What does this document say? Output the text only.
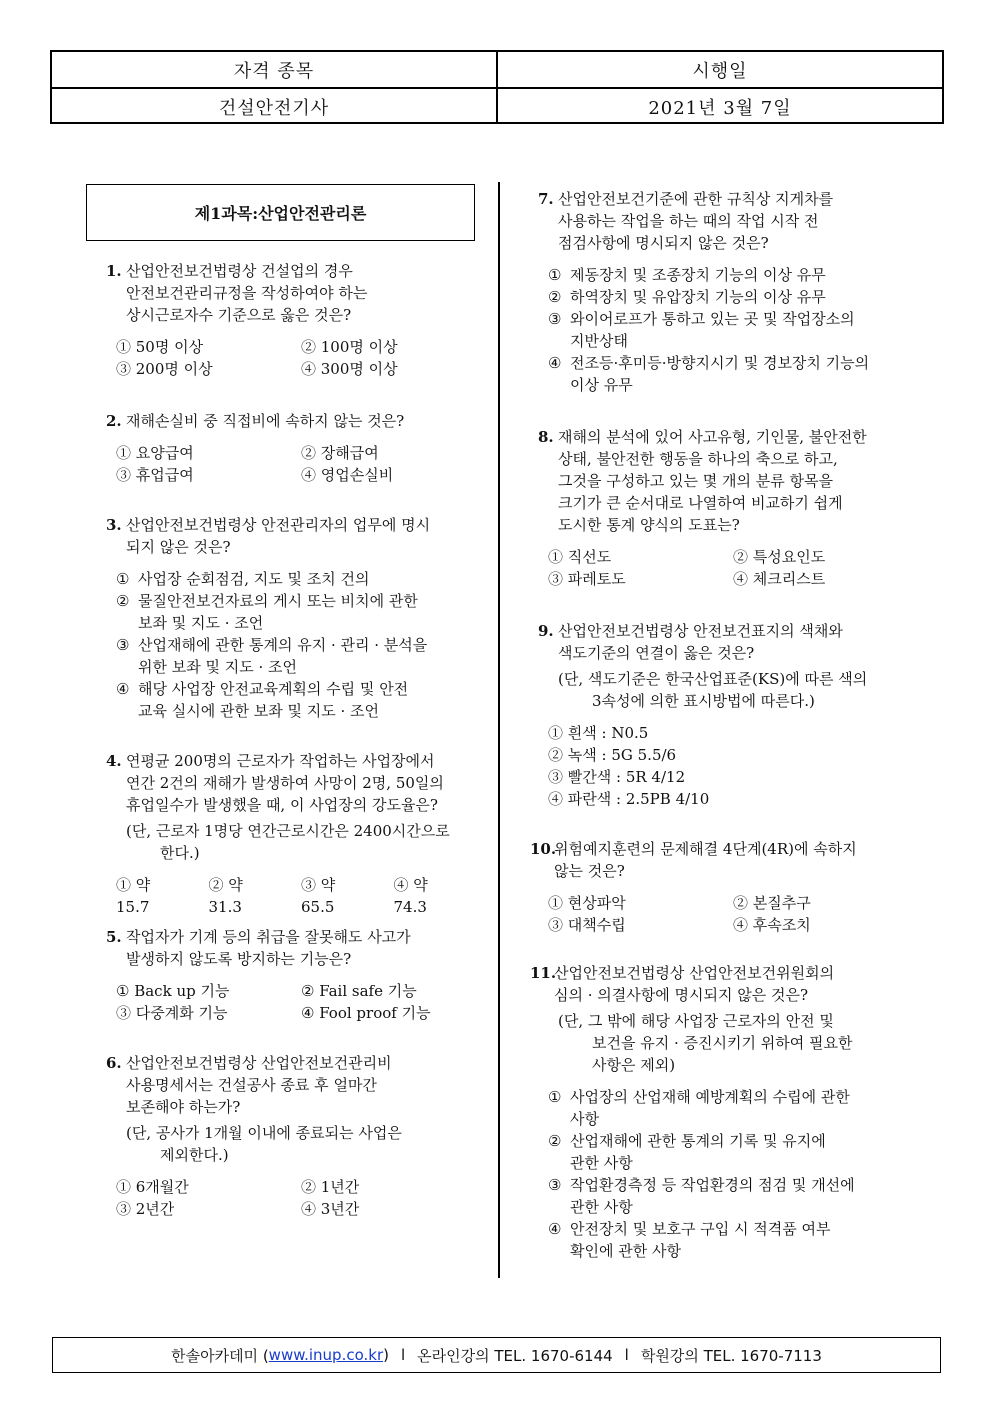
자격 종목	시행일
건설안전기사	2021년 3월 7일
제1과목:산업안전관리론
1. 산업안전보건법령상 건설업의 경우
안전보건관리규정을 작성하여야 하는
상시근로자수 기준으로 옳은 것은?
① 50명 이상	② 100명 이상
③ 200명 이상	④ 300명 이상
2. 재해손실비 중 직접비에 속하지 않는 것은?
① 요양급여	② 장해급여
③ 휴업급여	④ 영업손실비
3. 산업안전보건법령상 안전관리자의 업무에 명시
되지 않은 것은?
① 사업장 순회점검, 지도 및 조치 건의
② 물질안전보건자료의 게시 또는 비치에 관한
보좌 및 지도 · 조언
③ 산업재해에 관한 통계의 유지 · 관리 · 분석을
위한 보좌 및 지도 · 조언
④ 해당 사업장 안전교육계획의 수립 및 안전
교육 실시에 관한 보좌 및 지도 · 조언
4. 연평균 200명의 근로자가 작업하는 사업장에서
연간 2건의 재해가 발생하여 사망이 2명, 50일의
휴업일수가 발생했을 때, 이 사업장의 강도율은?
(단, 근로자 1명당 연간근로시간은 2400시간으로
한다.)
① 약 15.7
② 약 31.3
③ 약 65.5
④ 약 74.3
5. 작업자가 기계 등의 취급을 잘못해도 사고가
발생하지 않도록 방지하는 기능은?
① Back up 기능	② Fail safe 기능
③ 다중계화 기능	④ Fool proof 기능
6. 산업안전보건법령상 산업안전보건관리비
사용명세서는 건설공사 종료 후 얼마간
보존해야 하는가?
(단, 공사가 1개월 이내에 종료되는 사업은
제외한다.)
① 6개월간	② 1년간
③ 2년간	④ 3년간
7. 산업안전보건기준에 관한 규칙상 지게차를
사용하는 작업을 하는 때의 작업 시작 전
점검사항에 명시되지 않은 것은?
① 제동장치 및 조종장치 기능의 이상 유무
② 하역장치 및 유압장치 기능의 이상 유무
③ 와이어로프가 통하고 있는 곳 및 작업장소의
지반상태
④ 전조등·후미등·방향지시기 및 경보장치 기능의
이상 유무
8. 재해의 분석에 있어 사고유형, 기인물, 불안전한
상태, 불안전한 행동을 하나의 축으로 하고,
그것을 구성하고 있는 몇 개의 분류 항목을
크기가 큰 순서대로 나열하여 비교하기 쉽게
도시한 통계 양식의 도표는?
① 직선도	② 특성요인도
③ 파레토도	④ 체크리스트
9. 산업안전보건법령상 안전보건표지의 색채와
색도기준의 연결이 옳은 것은?
(단, 색도기준은 한국산업표준(KS)에 따른 색의
3속성에 의한 표시방법에 따른다.)
① 흰색 : N0.5
② 녹색 : 5G 5.5/6
③ 빨간색 : 5R 4/12
④ 파란색 : 2.5PB 4/10
10.
위험예지훈련의 문제해결 4단계(4R)에 속하지
않는 것은?
① 현상파악	② 본질추구
③ 대책수립	④ 후속조치
11.
산업안전보건법령상 산업안전보건위원회의
심의 · 의결사항에 명시되지 않은 것은?
(단, 그 밖에 해당 사업장 근로자의 안전 및
보건을 유지 · 증진시키기 위하여 필요한
사항은 제외)
① 사업장의 산업재해 예방계획의 수립에 관한
사항
② 산업재해에 관한 통계의 기록 및 유지에
관한 사항
③ 작업환경측정 등 작업환경의 점검 및 개선에
관한 사항
④ 안전장치 및 보호구 구입 시 적격품 여부
확인에 관한 사항
한솔아카데미 ( www.inup.co.kr ) l 온라인강의 TEL. 1670-6144 l 학원강의 TEL. 1670-7113
